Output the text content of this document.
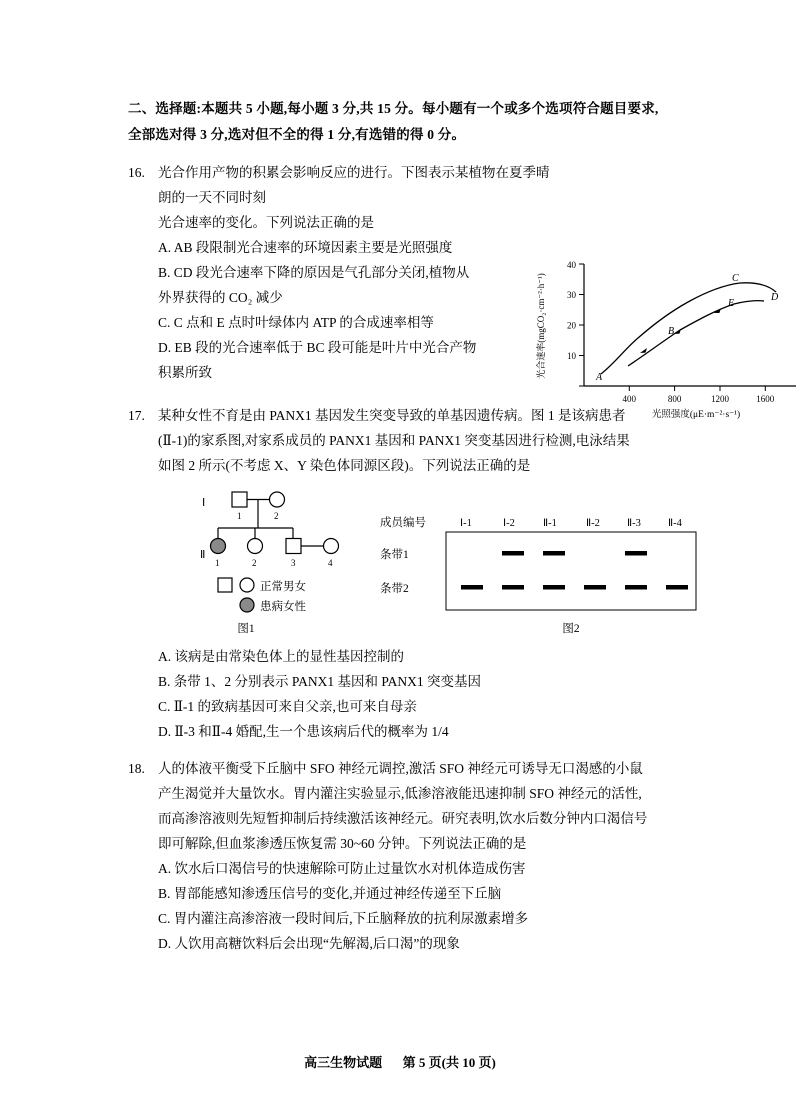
二、选择题:本题共 5 小题,每小题 3 分,共 15 分。每小题有一个或多个选项符合题目要求,
全部选对得 3 分,选对但不全的得 1 分,有选错的得 0 分。
16. 光合作用产物的积累会影响反应的进行。下图表示某植物在夏季晴朗的一天不同时刻
光合速率的变化。下列说法正确的是
A. AB 段限制光合速率的环境因素主要是光照强度
B. CD 段光合速率下降的原因是气孔部分关闭,植物从
外界获得的 CO₂ 减少
C. C 点和 E 点时叶绿体内 ATP 的合成速率相等
D. EB 段的光合速率低于 BC 段可能是叶片中光合产物
积累所致
10
20
30
40
400	800	1200	1600
光照强度(μE·m⁻²·s⁻¹)
光合速率(mgCO₂·cm⁻²·h⁻¹)	A
B
C
E
D
17. 某种女性不育是由 PANX1 基因发生突变导致的单基因遗传病。图 1 是该病患者
(Ⅱ-1)的家系图,对家系成员的 PANX1 基因和 PANX1 突变基因进行检测,电泳结果
如图 2 所示(不考虑 X、Y 染色体同源区段)。下列说法正确的是
Ⅰ
Ⅱ
1	2
1	2	3	4
正常男女
患病女性
图1
成员编号	Ⅰ-1	Ⅰ-2	Ⅱ-1	Ⅱ-2	Ⅱ-3	Ⅱ-4
条带1
条带2
图2
A. 该病是由常染色体上的显性基因控制的
B. 条带 1、2 分别表示 PANX1 基因和 PANX1 突变基因
C. Ⅱ-1 的致病基因可来自父亲,也可来自母亲
D. Ⅱ-3 和Ⅱ-4 婚配,生一个患该病后代的概率为 1/4
18. 人的体液平衡受下丘脑中 SFO 神经元调控,激活 SFO 神经元可诱导无口渴感的小鼠
产生渴觉并大量饮水。胃内灌注实验显示,低渗溶液能迅速抑制 SFO 神经元的活性,
而高渗溶液则先短暂抑制后持续激活该神经元。研究表明,饮水后数分钟内口渴信号
即可解除,但血浆渗透压恢复需 30~60 分钟。下列说法正确的是
A. 饮水后口渴信号的快速解除可防止过量饮水对机体造成伤害
B. 胃部能感知渗透压信号的变化,并通过神经传递至下丘脑
C. 胃内灌注高渗溶液一段时间后,下丘脑释放的抗利尿激素增多
D. 人饮用高糖饮料后会出现“先解渴,后口渴”的现象
高三生物试题 第 5 页(共 10 页)
